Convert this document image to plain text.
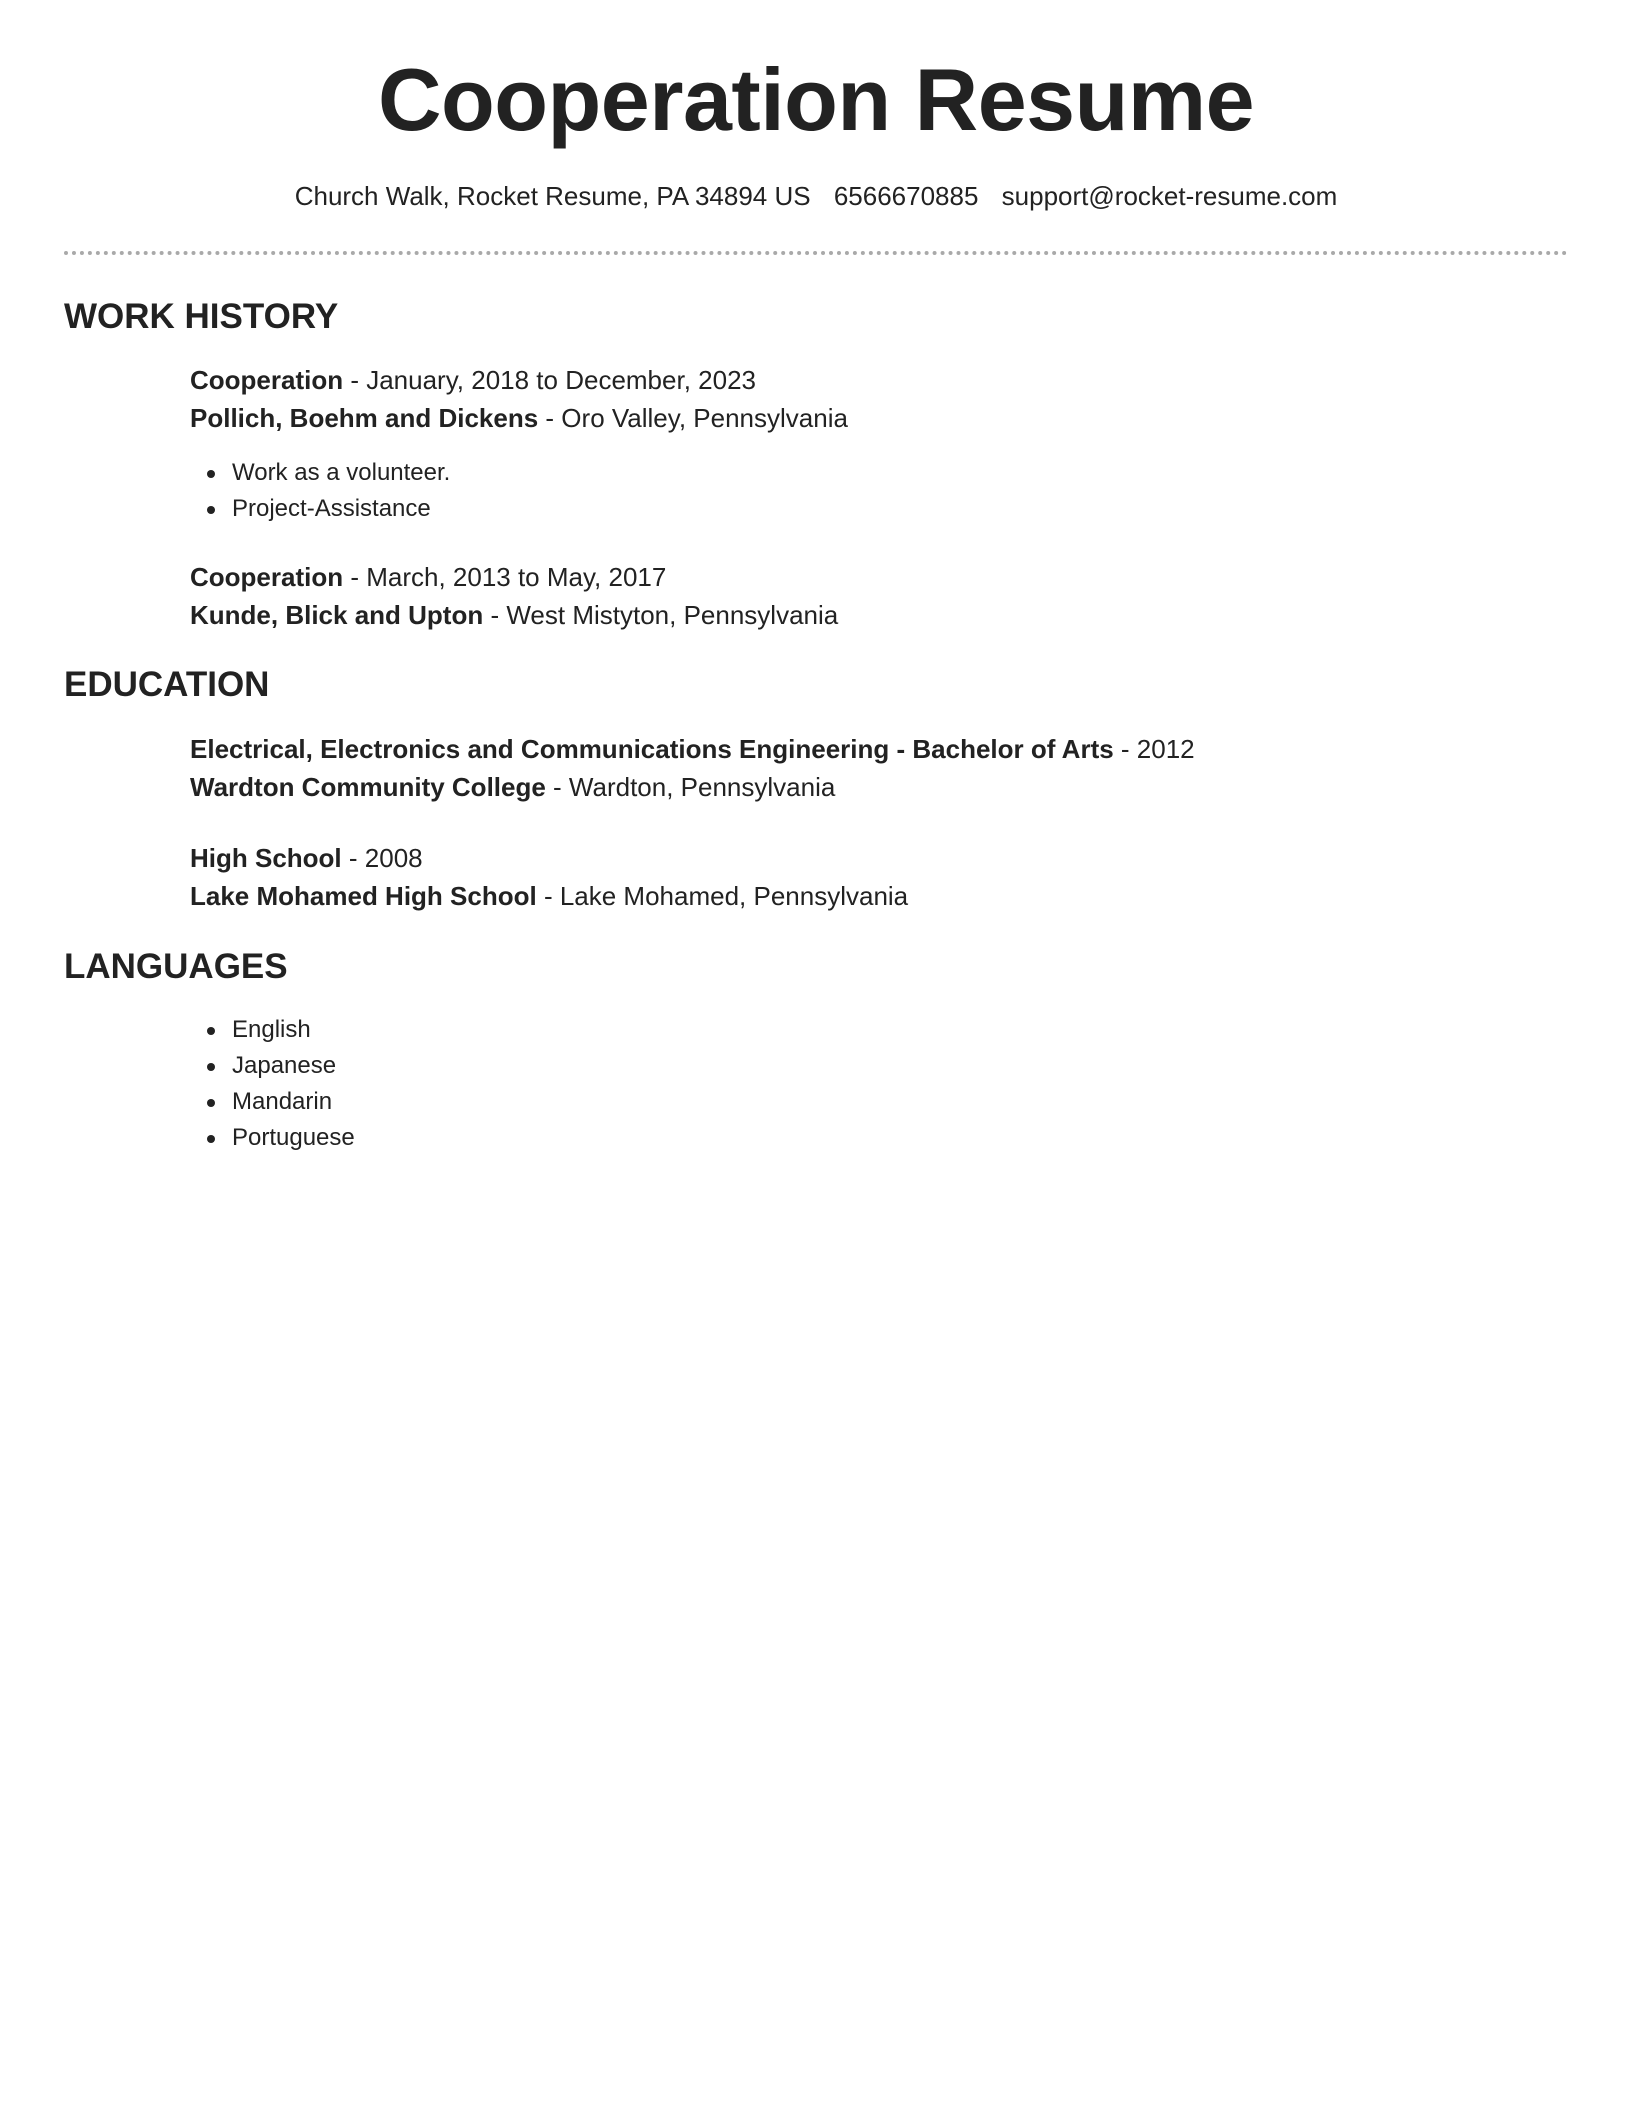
Cooperation Resume
Church Walk, Rocket Resume, PA 34894 US 6566670885 support@rocket-resume.com
WORK HISTORY
Cooperation - January, 2018 to December, 2023
Pollich, Boehm and Dickens - Oro Valley, Pennsylvania
Work as a volunteer.
Project-Assistance
Cooperation - March, 2013 to May, 2017
Kunde, Blick and Upton - West Mistyton, Pennsylvania
EDUCATION
Electrical, Electronics and Communications Engineering - Bachelor of Arts - 2012
Wardton Community College - Wardton, Pennsylvania
High School - 2008
Lake Mohamed High School - Lake Mohamed, Pennsylvania
LANGUAGES
English
Japanese
Mandarin
Portuguese
